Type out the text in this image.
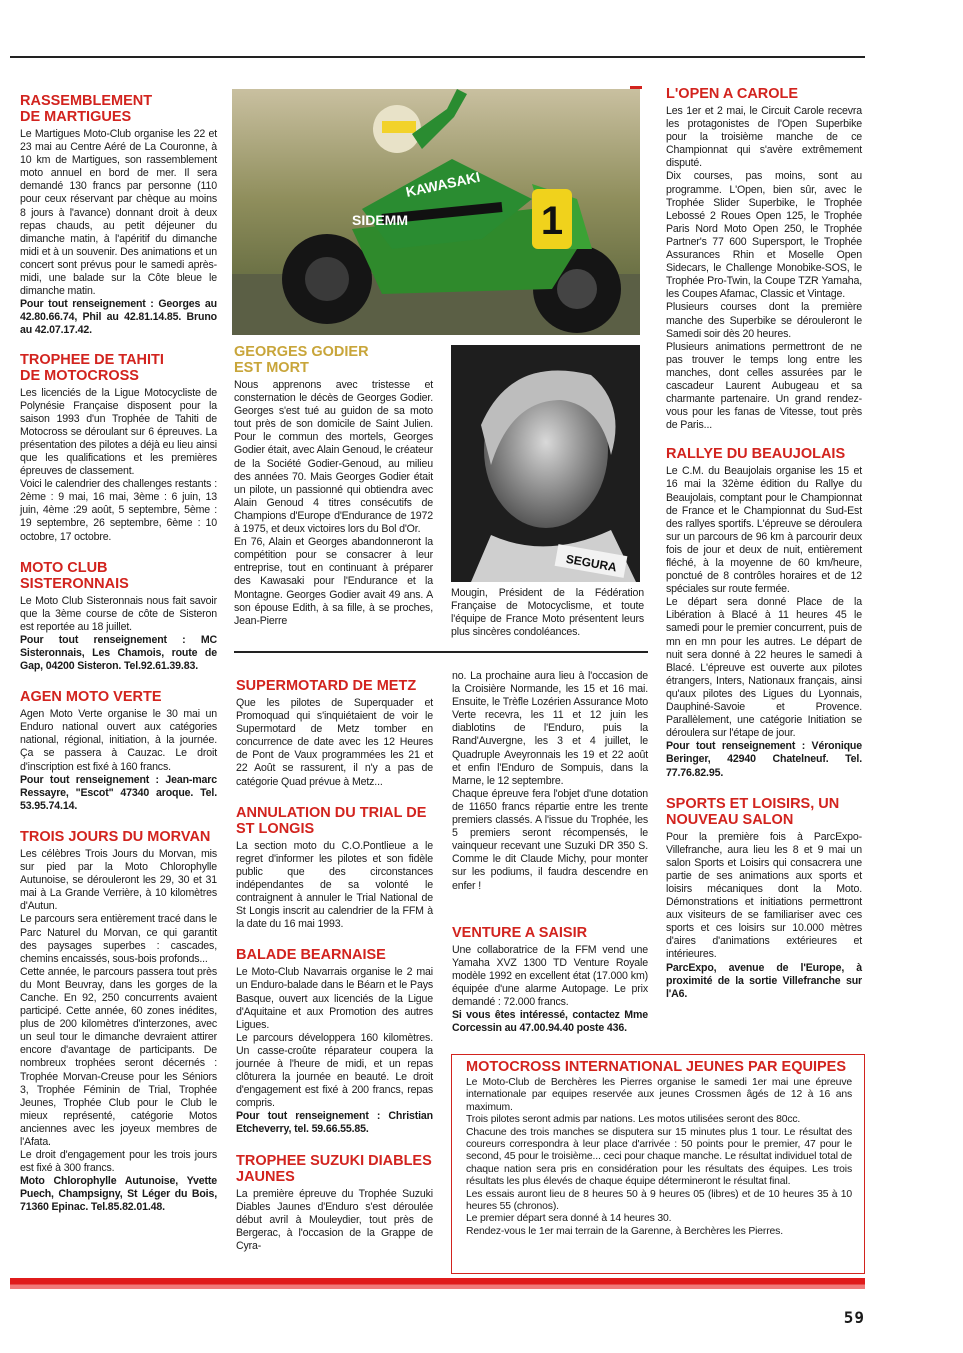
RASSEMBLEMENT
DE MARTIGUES

Le Martigues Moto-Club organise les 22 et 23 mai au Centre Aéré de La Couronne, à 10 km de Martigues, son rassemblement moto annuel en bord de mer. Il sera demandé 130 francs par personne (110 pour ceux réservant par chèque au moins 8 jours à l'avance) donnant droit à deux repas chauds, au petit déjeuner du dimanche matin, à l'apéritif du dimanche midi et à un souvenir. Des animations et un concert sont prévus pour le samedi après-midi, une balade sur la Côte bleue le dimanche matin.

Pour tout renseignement : Georges au 42.80.66.74, Phil au 42.81.14.85. Bruno au 42.07.17.42.

TROPHEE DE TAHITI
DE MOTOCROSS

Les licenciés de la Ligue Motocycliste de Polynésie Française disposent pour la saison 1993 d'un Trophée de Tahiti de Motocross se déroulant sur 6 épreuves. La présentation des pilotes a déjà eu lieu ainsi que les qualifications et les premières épreuves de classement.

Voici le calendrier des challenges restants : 2ème : 9 mai, 16 mai, 3ème : 6 juin, 13 juin, 4ème :29 août, 5 septembre, 5ème : 19 septembre, 26 septembre, 6ème : 10 octobre, 17 octobre.

MOTO CLUB SISTERONNAIS

Le Moto Club Sisteronnais nous fait savoir que la 3ème course de côte de Sisteron est reportée au 18 juillet.

Pour tout renseignement : MC Sisteronnais, Les Chamois, route de Gap, 04200 Sisteron. Tel.92.61.39.83.

AGEN MOTO VERTE

Agen Moto Verte organise le 30 mai un Enduro national ouvert aux catégories national, régional, initiation, à la journée. Ça se passera à Cauzac. Le droit d'inscription est fixé à 160 francs.

Pour tout renseignement : Jean-marc Ressayre, "Escot" 47340 aroque. Tel. 53.95.74.14.

TROIS JOURS DU MORVAN

Les célèbres Trois Jours du Morvan, mis sur pied par la Moto Chlorophylle Autunoise, se dérouleront les 29, 30 et 31 mai à La Grande Verrière, à 10 kilomètres d'Autun.

Le parcours sera entièrement tracé dans le Parc Naturel du Morvan, ce qui garantit des paysages superbes : cascades, chemins encaissés, sous-bois profonds...

Cette année, le parcours passera tout près du Mont Beuvray, dans les gorges de la Canche. En 92, 250 concurrents avaient participé. Cette année, 60 zones inédites, plus de 200 kilomètres d'interzones, avec un seul tour le dimanche devraient attirer encore d'avantage de participants. De nombreux trophées seront décernés : Trophée Morvan-Creuse pour les Séniors 3, Trophée Féminin de Trial, Trophée Jeunes, Trophée Club pour le Club le mieux représenté, catégorie Motos anciennes avec les joyeux membres de l'Afata.

Le droit d'engagement pour les trois jours est fixé à 300 francs.

Moto Chlorophylle Autunoise, Yvette Puech, Champsigny, St Léger du Bois, 71360 Epinac. Tel.85.82.01.48.

1
KAWASAKI
SIDEMM
GEORGES GODIER
EST MORT

Nous apprenons avec tristesse et consternation le décès de Georges Godier. Georges s'est tué au guidon de sa moto tout près de son domicile de Saint Julien. Pour le commun des mortels, Georges Godier était, avec Alain Genoud, le créateur de la Société Godier-Genoud, au milieu des années 70. Mais Georges Godier était un pilote, un passionné qui obtiendra avec Alain Genoud 4 titres consécutifs de Champions d'Europe d'Endurance de 1972 à 1975, et deux victoires lors du Bol d'Or.

En 76, Alain et Georges abandonneront la compétition pour se consacrer à leur entreprise, tout en continuant à préparer des Kawasaki pour l'Endurance et la Montagne. Georges Godier avait 49 ans. A son épouse Edith, à sa fille, à se proches, Jean-Pierre

SEGURA

Mougin, Président de la Fédération Française de Motocyclisme, et toute l'équipe de France Moto présentent leurs plus sincères condoléances.

SUPERMOTARD DE METZ

Que les pilotes de Superquader et Promoquad qui s'inquiétaient de voir le Supermotard de Metz tomber en concurrence de date avec les 12 Heures de Pont de Vaux programmées les 21 et 22 Août se rassurent, il n'y a pas de catégorie Quad prévue à Metz...

ANNULATION DU TRIAL DE
ST LONGIS

La section moto du C.O.Pontlieue a le regret d'informer les pilotes et son fidèle public que des circonstances indépendantes de sa volonté le contraignent à annuler le Trial National de St Longis inscrit au calendrier de la FFM à la date du 16 mai 1993.

BALADE BEARNAISE

Le Moto-Club Navarrais organise le 2 mai un Enduro-balade dans le Béarn et le Pays Basque, ouvert aux licenciés de la Ligue d'Aquitaine et aux Promotion des autres Ligues.

Le parcours développera 160 kilomètres. Un casse-croûte réparateur coupera la journée à l'heure de midi, et un repas clôturera la journée en beauté. Le droit d'engagement est fixé à 200 francs, repas compris.

Pour tout renseignement : Christian Etcheverry, tel. 59.66.55.85.

TROPHEE SUZUKI DIABLES
JAUNES

La première épreuve du Trophée Suzuki Diables Jaunes d'Enduro s'est déroulée début avril à Mouleydier, tout près de Bergerac, à l'occasion de la Grappe de Cyra-

no. La prochaine aura lieu à l'occasion de la Croisière Normande, les 15 et 16 mai. Ensuite, le Trèfle Lozérien Assurance Moto Verte recevra, les 11 et 12 juin les diablotins de l'Enduro, puis la Rand'Auvergne, les 3 et 4 juillet, le Quadruple Aveyronnais les 19 et 22 août et enfin l'Enduro de Sompuis, dans la Marne, le 12 septembre.

Chaque épreuve fera l'objet d'une dotation de 11650 francs répartie entre les trente premiers classés. A l'issue du Trophée, les 5 premiers seront récompensés, le vainqueur recevant une Suzuki DR 350 S. Comme le dit Claude Michy, pour monter sur les podiums, il faudra descendre en enfer !

VENTURE A SAISIR

Une collaboratrice de la FFM vend une Yamaha XVZ 1300 TD Venture Royale modèle 1992 en excellent état (17.000 km) équipée d'une alarme Autopage. Le prix demandé : 72.000 francs.

Si vous êtes intéressé, contactez Mme Corcessin au 47.00.94.40 poste 436.

L'OPEN A CAROLE

Les 1er et 2 mai, le Circuit Carole recevra les protagonistes de l'Open Superbike pour la troisième manche de ce Championnat qui s'avère extrêmement disputé.

Dix courses, pas moins, sont au programme. L'Open, bien sûr, avec le Trophée Slider Superbike, le Trophée Lebossé 2 Roues Open 125, le Trophée Paris Nord Moto Open 250, le Trophée Partner's 77 600 Supersport, le Trophée Assurances Rhin et Moselle Open Sidecars, le Challenge Monobike-SOS, le Trophée Pro-Twin, la Coupe TZR Yamaha, les Coupes Afamac, Classic et Vintage.

Plusieurs courses dont la première manche des Superbike se dérouleront le Samedi soir dès 20 heures.

Plusieurs animations permettront de ne pas trouver le temps long entre les manches, dont celles assurées par le cascadeur Laurent Aubugeau et sa charmante partenaire. Un grand rendez-vous pour les fanas de Vitesse, tout près de Paris...

RALLYE DU BEAUJOLAIS

Le C.M. du Beaujolais organise les 15 et 16 mai la 32ème édition du Rallye du Beaujolais, comptant pour le Championnat de France et le Championnat du Sud-Est des rallyes sportifs. L'épreuve se déroulera sur un parcours de 96 km à parcourir deux fois de jour et deux de nuit, entièrement fléché, à la moyenne de 60 km/heure, ponctué de 8 contrôles horaires et de 12 spéciales sur route fermée.

Le départ sera donné Place de la Libération à Blacé à 11 heures 45 le samedi pour le premier concurrent, puis de mn en mn pour les autres. Le départ de nuit sera donné à 22 heures le samedi à Blacé. L'épreuve est ouverte aux pilotes étrangers, Inters, Nationaux français, ainsi qu'aux pilotes des Ligues du Lyonnais, Dauphiné-Savoie et Provence. Parallèlement, une catégorie Initiation se déroulera sur l'étape de jour.

Pour tout renseignement : Véronique Beringer, 42940 Chatelneuf. Tel. 77.76.82.95.

SPORTS ET LOISIRS, UN
NOUVEAU SALON

Pour la première fois à ParcExpo-Villefranche, aura lieu les 8 et 9 mai un salon Sports et Loisirs qui consacrera une partie de ses animations aux sports et loisirs mécaniques dont la Moto. Démonstrations et initiations permettront aux visiteurs de se familiariser avec ces sports et ces loisirs sur 10.000 mètres d'aires d'animations extérieures et intérieures.

ParcExpo, avenue de l'Europe, à proximité de la sortie Villefranche sur l'A6.

MOTOCROSS INTERNATIONAL JEUNES PAR EQUIPES

Le Moto-Club de Berchères les Pierres organise le samedi 1er mai une épreuve internationale par equipes reservée aux jeunes Crossmen âgés de 12 à 16 ans maximum.

Trois pilotes seront admis par nations. Les motos utilisées seront des 80cc.

Chacune des trois manches se disputera sur 15 minutes plus 1 tour. Le résultat des coureurs correspondra à leur place d'arrivée : 50 points pour le premier, 47 pour le second, 45 pour le troisième... ceci pour chaque manche. Le résultat individuel total de chaque nation sera pris en considération pour les résultats des équipes. Les trois résultats les plus élevés de chaque équipe détermineront le résultat final.

Les essais auront lieu de 8 heures 50 à 9 heures 05 (libres) et de 10 heures 35 à 10 heures 55 (chronos).

Le premier départ sera donné à 14 heures 30.

Rendez-vous le 1er mai terrain de la Garenne, à Berchères les Pierres.

59
